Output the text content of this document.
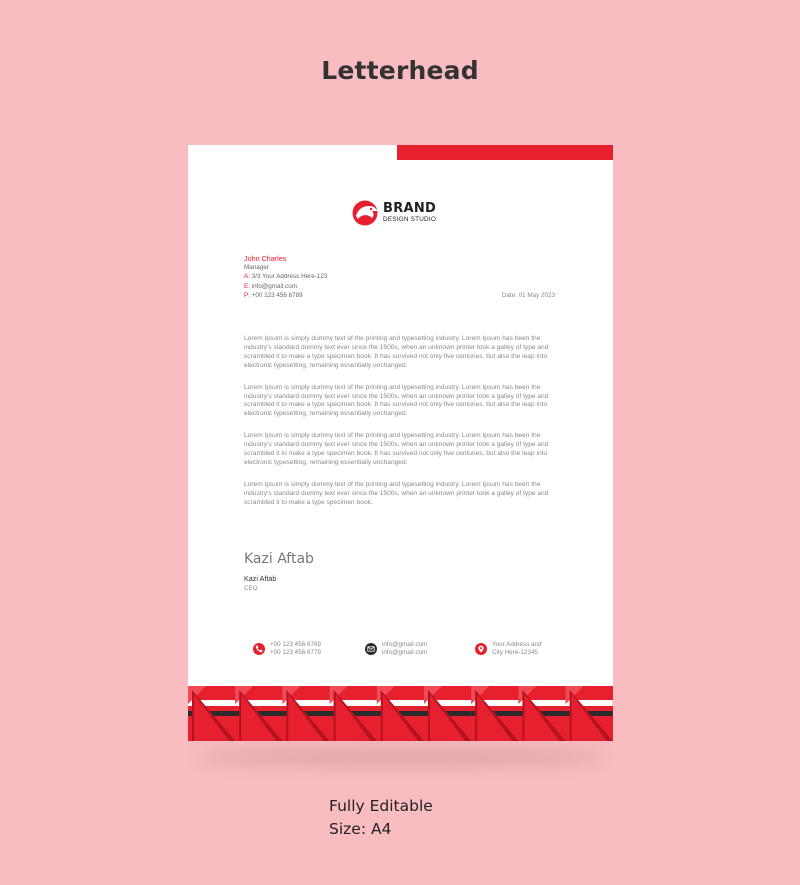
Letterhead
BRAND
DESIGN STUDIO
John Charles
Manager
A: 3/3 Your Address Here-123
E: info@gmail.com
P: +00 123 456 6789	Date: 01 May 2023

Lorem Ipsum is simply dummy text of the printing and typesetting industry. Lorem Ipsum has been the industry's standard dummy text ever since the 1500s, when an unknown printer took a galley of type and scrambled it to make a type specimen book. It has survived not only five centuries, but also the leap into electronic typesetting, remaining essentially unchanged.

Lorem Ipsum is simply dummy text of the printing and typesetting industry. Lorem Ipsum has been the industry's standard dummy text ever since the 1500s, when an unknown printer took a galley of type and scrambled it to make a type specimen book. It has survived not only five centuries, but also the leap into electronic typesetting, remaining essentially unchanged.

Lorem Ipsum is simply dummy text of the printing and typesetting industry. Lorem Ipsum has been the industry's standard dummy text ever since the 1500s, when an unknown printer took a galley of type and scrambled it to make a type specimen book. It has survived not only five centuries, but also the leap into electronic typesetting, remaining essentially unchanged.

Lorem Ipsum is simply dummy text of the printing and typesetting industry. Lorem Ipsum has been the industry's standard dummy text ever since the 1500s, when an unknown printer took a galley of type and scrambled it to make a type specimen book.

Kazi Aftab
Kazi Aftab
CEO
+00 123 456 6789
+00 123 456 6779
info@gmail.com
info@gmail.com
Your Address and
City Here-12345
Fully Editable
Size: A4
